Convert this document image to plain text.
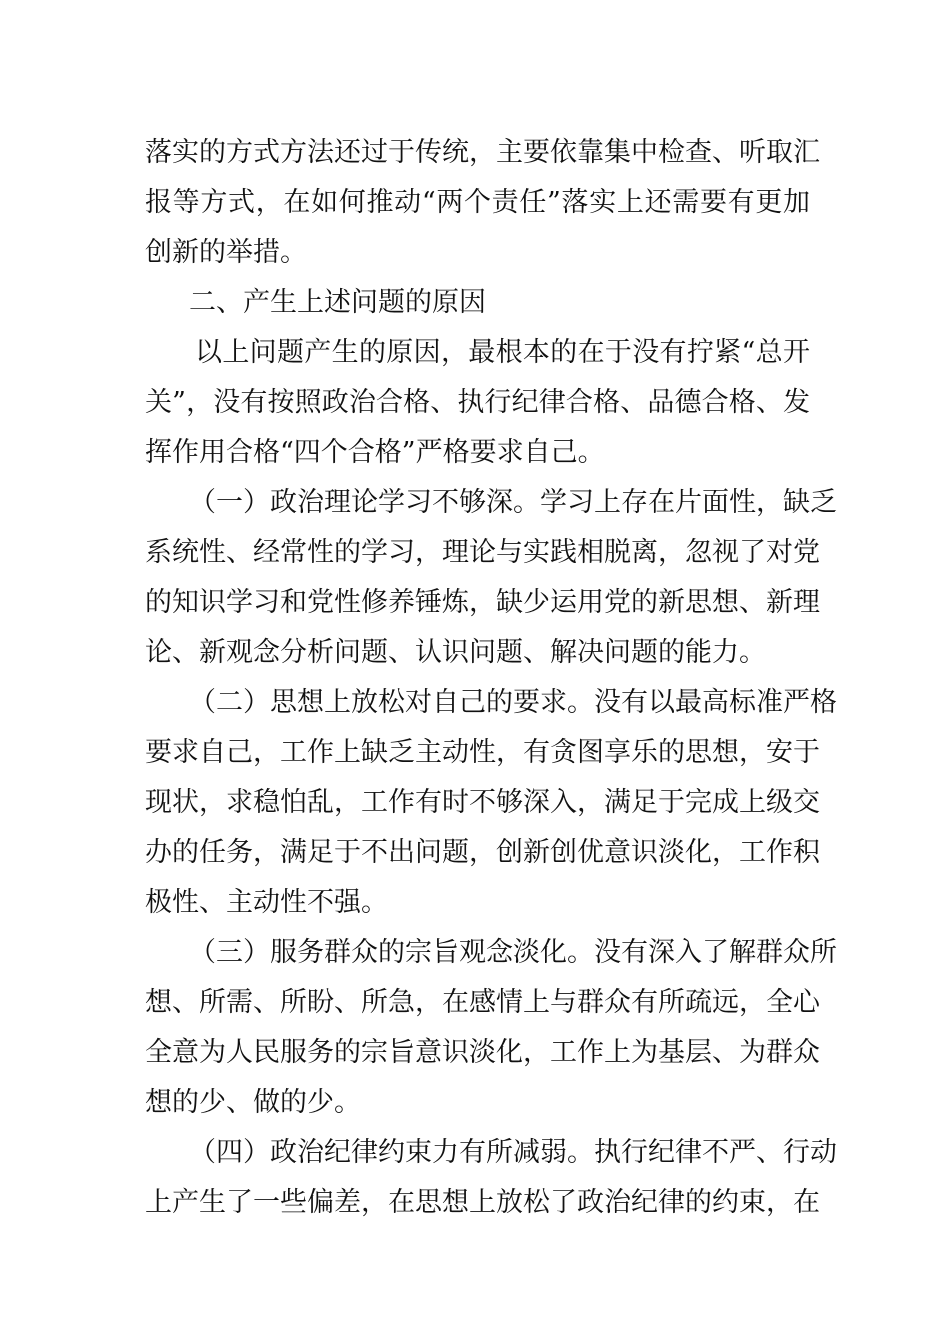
落实的方式方法还过于传统，主要依靠集中检查、听取汇
报等方式，在如何推动“两个责任”落实上还需要有更加
创新的举措。
二、产生上述问题的原因
以上问题产生的原因，最根本的在于没有拧紧“总开
关”，没有按照政治合格、执行纪律合格、品德合格、发
挥作用合格“四个合格”严格要求自己。
（一）政治理论学习不够深。学习上存在片面性，缺乏
系统性、经常性的学习，理论与实践相脱离，忽视了对党
的知识学习和党性修养锤炼，缺少运用党的新思想、新理
论、新观念分析问题、认识问题、解决问题的能力。
（二）思想上放松对自己的要求。没有以最高标准严格
要求自己，工作上缺乏主动性，有贪图享乐的思想，安于
现状，求稳怕乱，工作有时不够深入，满足于完成上级交
办的任务，满足于不出问题，创新创优意识淡化，工作积
极性、主动性不强。
（三）服务群众的宗旨观念淡化。没有深入了解群众所
想、所需、所盼、所急，在感情上与群众有所疏远，全心
全意为人民服务的宗旨意识淡化，工作上为基层、为群众
想的少、做的少。
（四）政治纪律约束力有所减弱。执行纪律不严、行动
上产生了一些偏差，在思想上放松了政治纪律的约束，在
